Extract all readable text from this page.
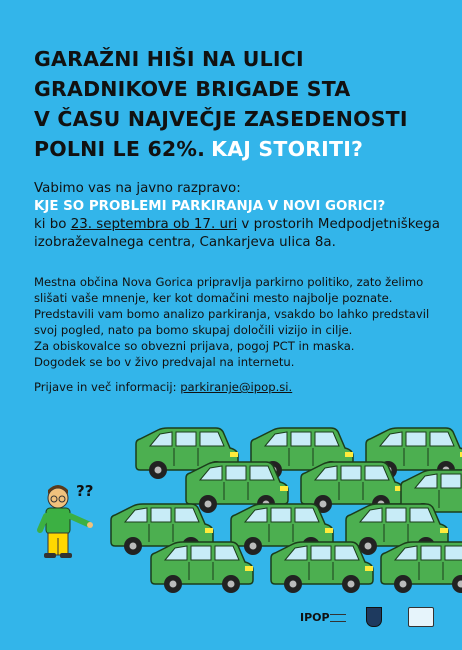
GARAŽNI HIŠI NA ULICI
GRADNIKOVE BRIGADE STA
V ČASU NAJVEČJE ZASEDENOSTI
POLNI LE 62%. KAJ STORITI?
Vabimo vas na javno razpravo:
KJE SO PROBLEMI PARKIRANJA V NOVI GORICI?
ki bo 23. septembra ob 17. uri v prostorih Medpodjetniškega
izobraževalnega centra, Cankarjeva ulica 8a.

Mestna občina Nova Gorica pripravlja parkirno politiko, zato želimo

slišati vaše mnenje, ker kot domačini mesto najbolje poznate.

Predstavili vam bomo analizo parkiranja, vsakdo bo lahko predstavil

svoj pogled, nato pa bomo skupaj določili vizijo in cilje.

Za obiskovalce so obvezni prijava, pogoj PCT in maska.

Dogodek se bo v živo predvajal na internetu.

Prijave in več informacij: parkiranje@ipop.si.
??
IPOP
